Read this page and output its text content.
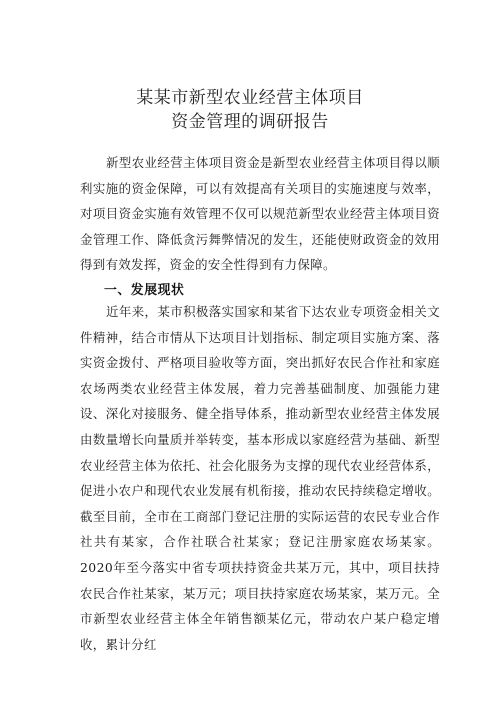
某某市新型农业经营主体项目
资金管理的调研报告
新型农业经营主体项目资金是新型农业经营主体项目得以顺利实施的资金保障，可以有效提高有关项目的实施速度与效率，对项目资金实施有效管理不仅可以规范新型农业经营主体项目资金管理工作、降低贪污舞弊情况的发生，还能使财政资金的效用得到有效发挥，资金的安全性得到有力保障。
一、发展现状
近年来，某市积极落实国家和某省下达农业专项资金相关文件精神，结合市情从下达项目计划指标、制定项目实施方案、落实资金拨付、严格项目验收等方面，突出抓好农民合作社和家庭农场两类农业经营主体发展，着力完善基础制度、加强能力建设、深化对接服务、健全指导体系，推动新型农业经营主体发展由数量增长向量质并举转变，基本形成以家庭经营为基础、新型农业经营主体为依托、社会化服务为支撑的现代农业经营体系，促进小农户和现代农业发展有机衔接，推动农民持续稳定增收。截至目前，全市在工商部门登记注册的实际运营的农民专业合作社共有某家，合作社联合社某家；登记注册家庭农场某家。2020年至今落实中省专项扶持资金共某万元，其中，项目扶持农民合作社某家，某万元；项目扶持家庭农场某家，某万元。全市新型农业经营主体全年销售额某亿元，带动农户某户稳定增收，累计分红
